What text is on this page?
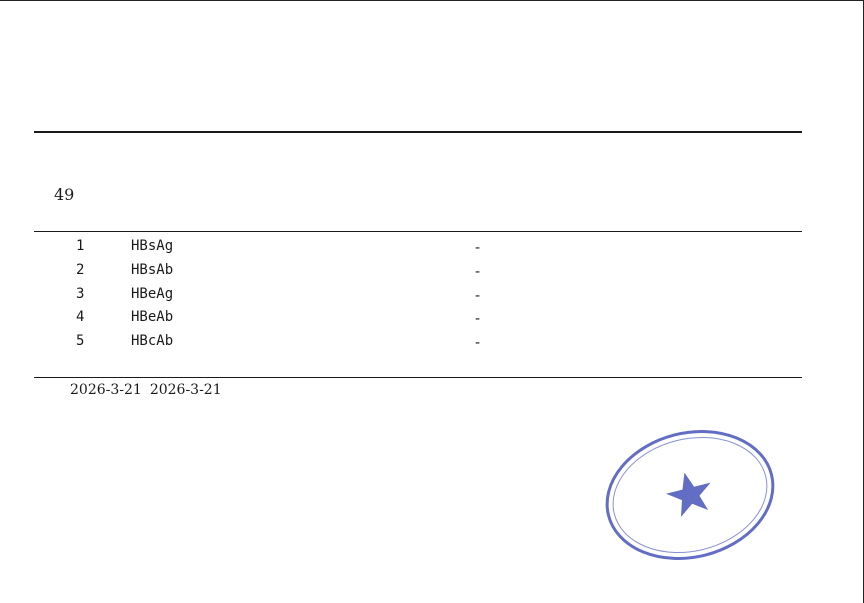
49
1	HBsAg	-
2	HBsAb	-
3	HBeAg	-
4	HBeAb	-
5	HBcAb	-
2026-3-21 2026-3-21
